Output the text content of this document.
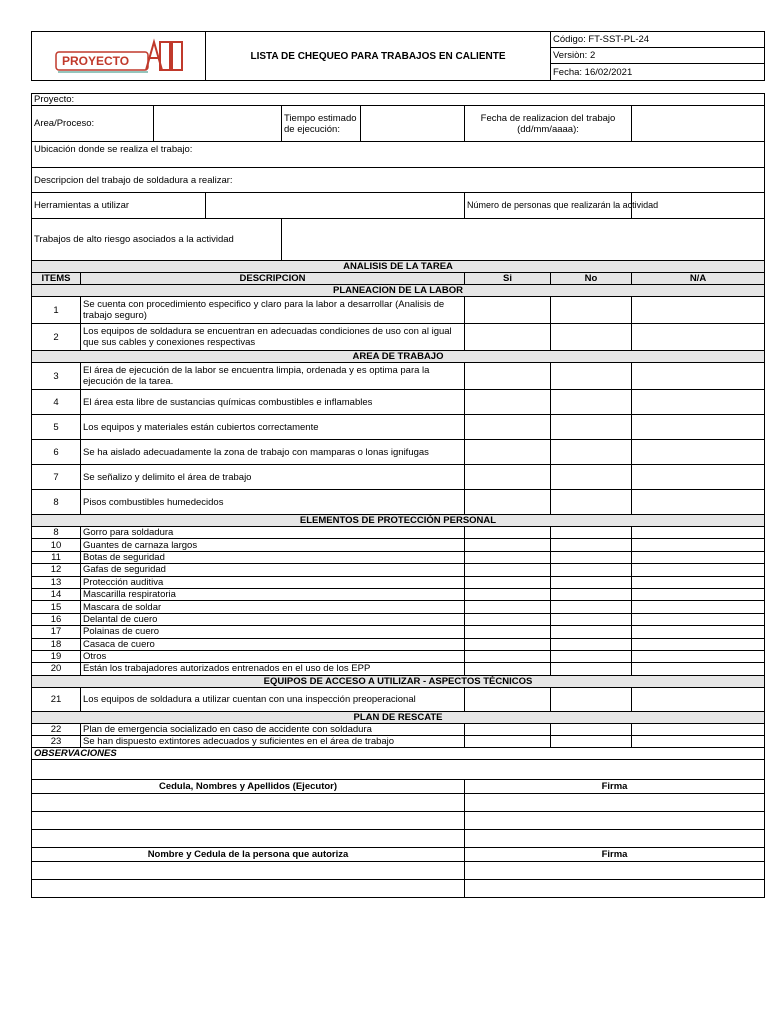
PROYECTO	LISTA DE CHEQUEO PARA TRABAJOS EN CALIENTE	Código: FT-SST-PL-24
Versiòn: 2
Fecha: 16/02/2021
Proyecto:						
Area/Proceso:			Tiempo estimado de ejecución:		Fecha de realizacion del trabajo (dd/mm/aaaa):	
Ubicación donde se realiza el trabajo:						
Descripcion del trabajo de soldadura a realizar:						
Herramientas a utilizar					Número de personas que realizarán la actividad	
Trabajos de alto riesgo asociados a la actividad						
ANALISIS DE LA TAREA						
ITEMS	DESCRIPCION	Si	No	N/A
PLANEACION DE LA LABOR				
1	Se cuenta con procedimiento especifico y claro para la labor a desarrollar (Analisis de trabajo seguro)			
2	Los equipos de soldadura se encuentran en adecuadas condiciones de uso con al igual que sus cables y conexiones respectivas			
AREA DE TRABAJO				
3	El área de ejecución de la labor se encuentra limpia, ordenada y es optima para la ejecución de la tarea.			
4	El área esta libre de sustancias químicas combustibles e inflamables			
5	Los equipos y materiales están cubiertos correctamente			
6	Se ha aislado adecuadamente la zona de trabajo con mamparas o lonas ignifugas			
7	Se señalizo y delimito el área de trabajo			
8	Pisos combustibles humedecidos			
ELEMENTOS DE PROTECCIÓN PERSONAL				
8	Gorro para soldadura			
10	Guantes de carnaza largos			
11	Botas de seguridad			
12	Gafas de seguridad			
13	Protección auditiva			
14	Mascarilla respiratoria			
15	Mascara de soldar			
16	Delantal de cuero			
17	Polainas de cuero			
18	Casaca de cuero			
19	Otros			
20	Están los trabajadores autorizados entrenados en el uso de los EPP			
EQUIPOS DE ACCESO A UTILIZAR - ASPECTOS TÉCNICOS				
21	Los equipos de soldadura a utilizar cuentan con una inspección preoperacional			
PLAN DE RESCATE				
22	Plan de emergencia socializado en caso de accidente con soldadura			
23	Se han dispuesto extintores adecuados y suficientes en el área de trabajo			
OBSERVACIONES				

Cedula, Nombres y Apellidos (Ejecutor)		Firma		

Nombre y Cedula de la persona que autoriza		Firma		
